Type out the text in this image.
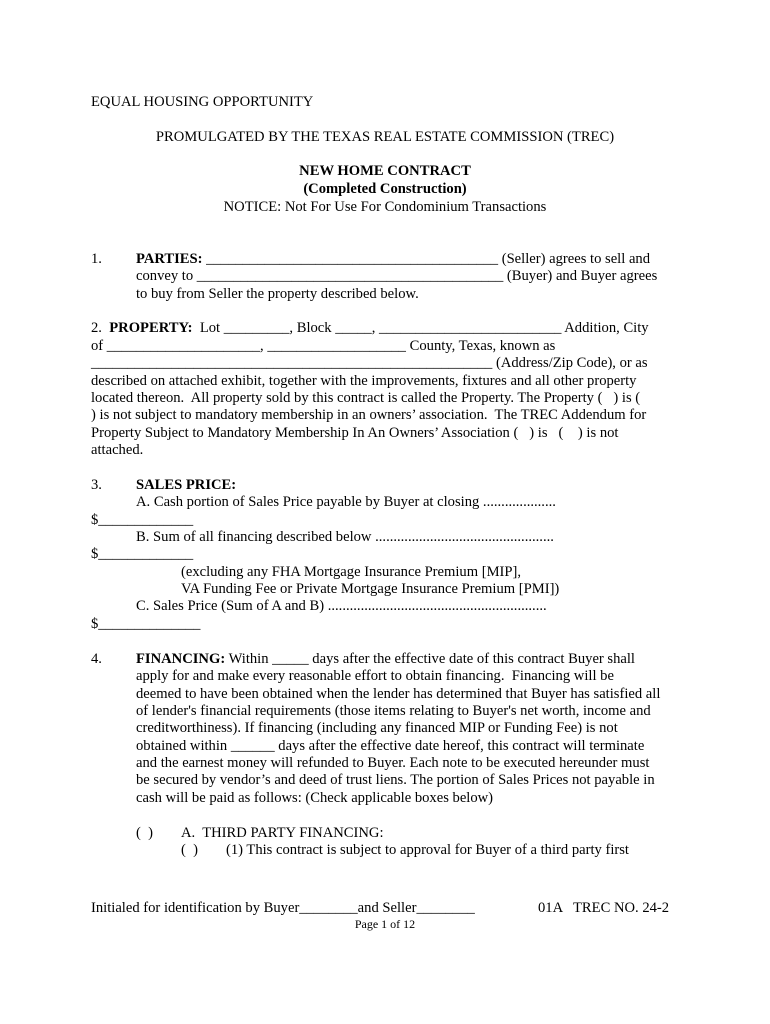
EQUAL HOUSING OPPORTUNITY
PROMULGATED BY THE TEXAS REAL ESTATE COMMISSION (TREC)
NEW HOME CONTRACT
(Completed Construction)
NOTICE: Not For Use For Condominium Transactions
1. PARTIES: ________________________________________ (Seller) agrees to sell and
convey to __________________________________________ (Buyer) and Buyer agrees
to buy from Seller the property described below.
2. PROPERTY:  Lot _________, Block _____, _________________________ Addition, City
of _____________________, ___________________ County, Texas, known as
_______________________________________________________ (Address/Zip Code), or as
described on attached exhibit, together with the improvements, fixtures and all other property
located thereon.  All property sold by this contract is called the Property. The Property (   ) is (
) is not subject to mandatory membership in an owners’ association.  The TREC Addendum for
Property Subject to Mandatory Membership In An Owners’ Association (   ) is   (    ) is not
attached.
3. SALES PRICE:
A. Cash portion of Sales Price payable by Buyer at closing ....................
$_____________
B. Sum of all financing described below .................................................
$_____________
(excluding any FHA Mortgage Insurance Premium [MIP],
VA Funding Fee or Private Mortgage Insurance Premium [PMI])
C. Sales Price (Sum of A and B) ............................................................
$______________
4. FINANCING: Within _____ days after the effective date of this contract Buyer shall
apply for and make every reasonable effort to obtain financing.  Financing will be
deemed to have been obtained when the lender has determined that Buyer has satisfied all
of lender's financial requirements (those items relating to Buyer's net worth, income and
creditworthiness). If financing (including any financed MIP or Funding Fee) is not
obtained within ______ days after the effective date hereof, this contract will terminate
and the earnest money will refunded to Buyer. Each note to be executed hereunder must
be secured by vendor’s and deed of trust liens. The portion of Sales Prices not payable in
cash will be paid as follows: (Check applicable boxes below)
(  ) A.  THIRD PARTY FINANCING:
(  ) (1) This contract is subject to approval for Buyer of a third party first
Initialed for identification by Buyer________and Seller________	01A   TREC NO. 24-2
Page 1 of 12
